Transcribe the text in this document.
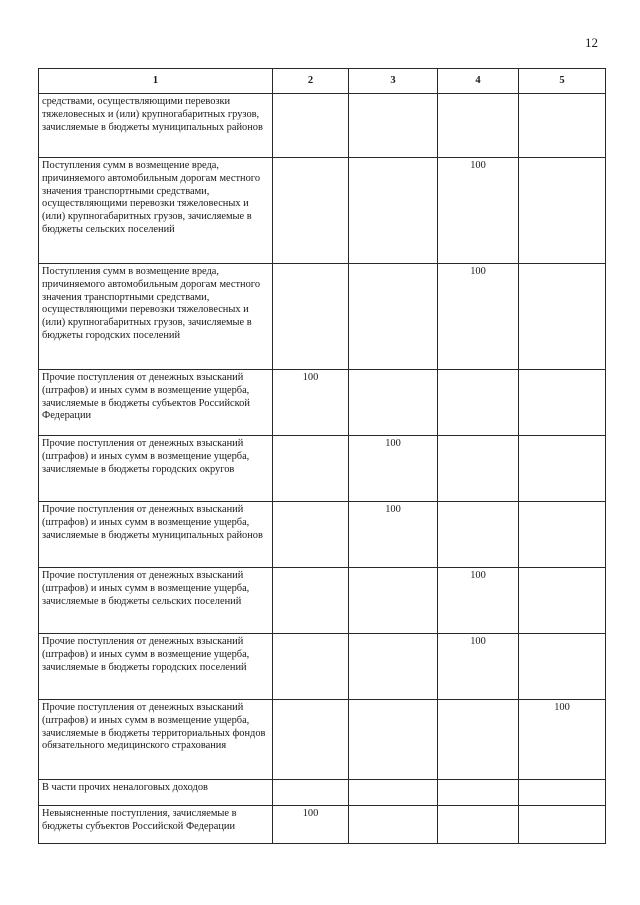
12
1	2	3	4	5
средствами, осуществляющими перевозки тяжеловесных и (или) крупногабаритных грузов, зачисляемые в бюджеты муниципальных районов				
Поступления сумм в возмещение вреда, причиняемого автомобильным дорогам местного значения транспортными средствами, осуществляющими перевозки тяжеловесных и (или) крупногабаритных грузов, зачисляемые в бюджеты сельских поселений			100	
Поступления сумм в возмещение вреда, причиняемого автомобильным дорогам местного значения транспортными средствами, осуществляющими перевозки тяжеловесных и (или) крупногабаритных грузов, зачисляемые в бюджеты городских поселений			100	
Прочие поступления от денежных взысканий (штрафов) и иных сумм в возмещение ущерба, зачисляемые в бюджеты субъектов Российской Федерации	100			
Прочие поступления от денежных взысканий (штрафов) и иных сумм в возмещение ущерба, зачисляемые в бюджеты городских округов		100		
Прочие поступления от денежных взысканий (штрафов) и иных сумм в возмещение ущерба, зачисляемые в бюджеты муниципальных районов		100		
Прочие поступления от денежных взысканий (штрафов) и иных сумм в возмещение ущерба, зачисляемые в бюджеты сельских поселений			100	
Прочие поступления от денежных взысканий (штрафов) и иных сумм в возмещение ущерба, зачисляемые в бюджеты городских поселений			100	
Прочие поступления от денежных взысканий (штрафов) и иных сумм в возмещение ущерба, зачисляемые в бюджеты территориальных фондов обязательного медицинского страхования				100
В части прочих неналоговых доходов				
Невыясненные поступления, зачисляемые в бюджеты субъектов Российской Федерации	100			
